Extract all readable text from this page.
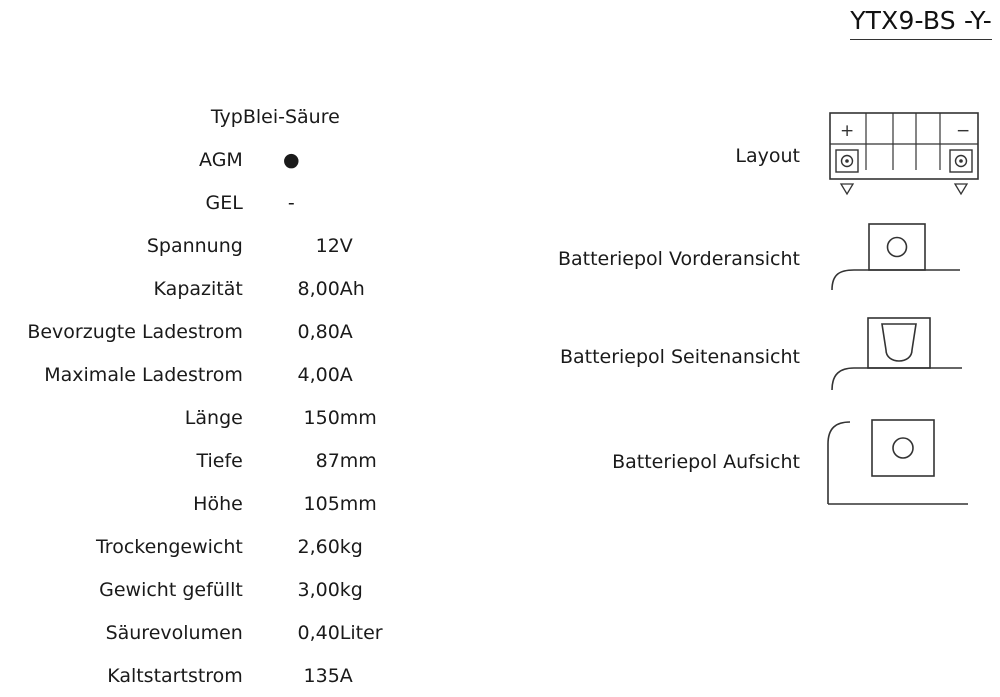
YTX9-BS -Y-
Typ	Blei-Säure	
AGM	●	
GEL	-	
Spannung	12	V
Kapazität	8,00	Ah
Bevorzugte Ladestrom	0,80	A
Maximale Ladestrom	4,00	A
Länge	150	mm
Tiefe	87	mm
Höhe	105	mm
Trockengewicht	2,60	kg
Gewicht gefüllt	3,00	kg
Säurevolumen	0,40	Liter
Kaltstartstrom	135	A
Layout
+	−
Batteriepol Vorderansicht
Batteriepol Seitenansicht
Batteriepol Aufsicht
